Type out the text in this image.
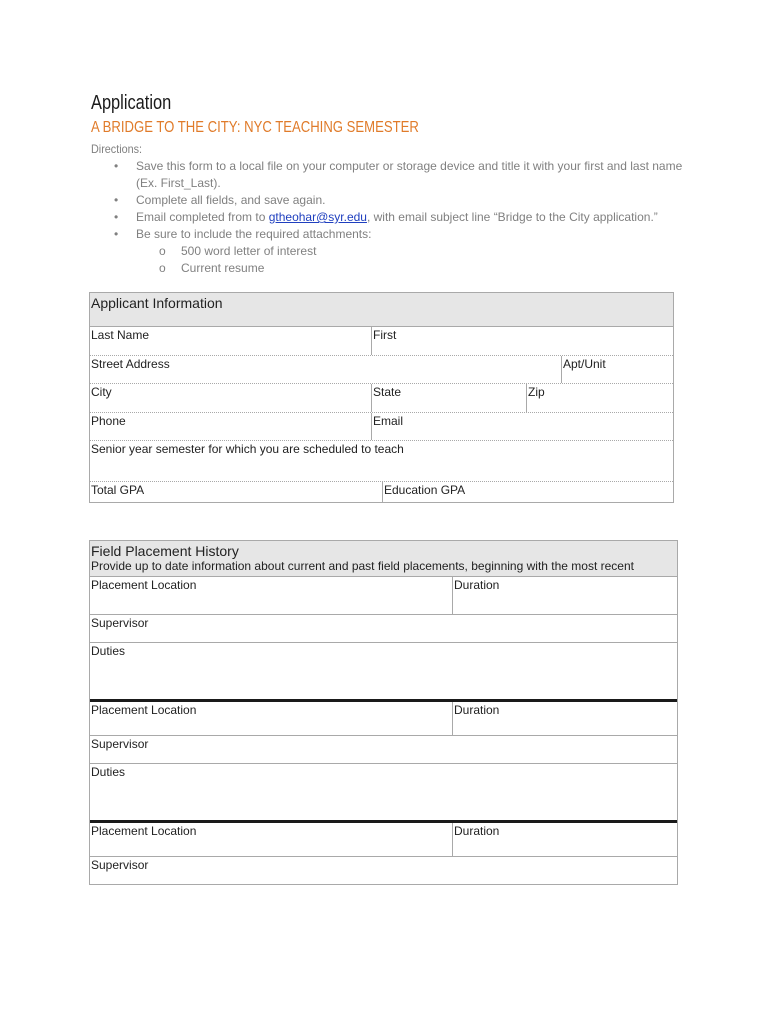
Application
A BRIDGE TO THE CITY: NYC TEACHING SEMESTER
Directions:
• Save this form to a local file on your computer or storage device and title it with your first and last name
(Ex. First_Last).
• Complete all fields, and save again.
• Email completed from to gtheohar@syr.edu, with email subject line “Bridge to the City application.”
• Be sure to include the required attachments:
o 500 word letter of interest
o Current resume
Applicant Information
Last Name	First
Street Address	Apt/Unit
City	State	Zip
Phone	Email
Senior year semester for which you are scheduled to teach
Total GPA	Education GPA
Field Placement History
Provide up to date information about current and past field placements, beginning with the most recent
Placement Location	Duration
Supervisor
Duties
Placement Location	Duration
Supervisor
Duties
Placement Location	Duration
Supervisor
